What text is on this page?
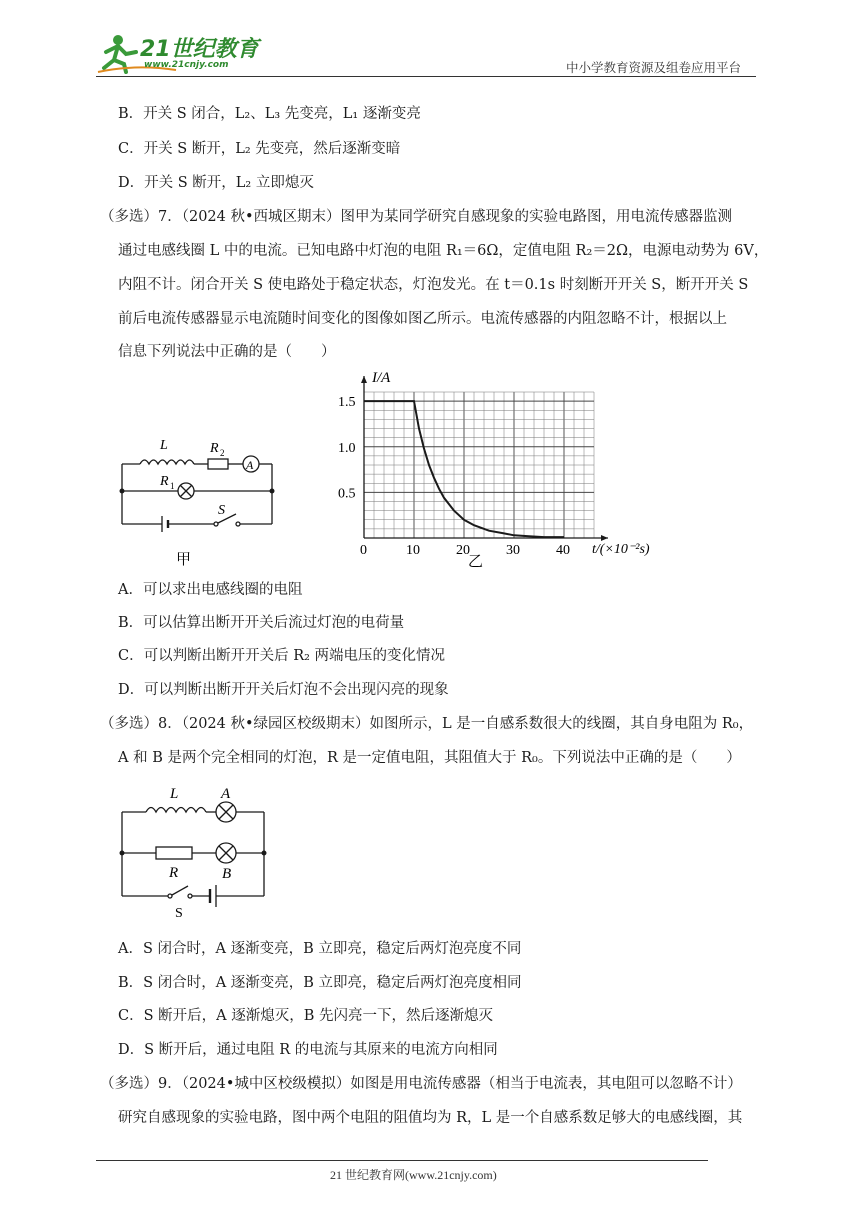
21世纪教育
www.21cnjy.com	中小学教育资源及组卷应用平台
B．开关 S 闭合，L₂、L₃ 先变亮，L₁ 逐渐变亮
C．开关 S 断开，L₂ 先变亮，然后逐渐变暗
D．开关 S 断开，L₂ 立即熄灭
（多选）7．（2024 秋•西城区期末）图甲为某同学研究自感现象的实验电路图，用电流传感器监测
通过电感线圈 L 中的电流。已知电路中灯泡的电阻 R₁＝6Ω，定值电阻 R₂＝2Ω，电源电动势为 6V，
内阻不计。闭合开关 S 使电路处于稳定状态，灯泡发光。在 t＝0.1s 时刻断开开关 S，断开开关 S
前后电流传感器显示电流随时间变化的图像如图乙所示。电流传感器的内阻忽略不计，根据以上
信息下列说法中正确的是（　　）
L	R 2
A
R 1
S
甲
0	10	20	30	40
0.5
1.0
1.5
I/A
t/(×10⁻²s)
乙
A．可以求出电感线圈的电阻
B．可以估算出断开开关后流过灯泡的电荷量
C．可以判断出断开开关后 R₂ 两端电压的变化情况
D．可以判断出断开开关后灯泡不会出现闪亮的现象
（多选）8．（2024 秋•绿园区校级期末）如图所示，L 是一自感系数很大的线圈，其自身电阻为 R₀，
A 和 B 是两个完全相同的灯泡，R 是一定值电阻，其阻值大于 R₀。下列说法中正确的是（　　）
L	A
R	B
S
A．S 闭合时，A 逐渐变亮，B 立即亮，稳定后两灯泡亮度不同
B．S 闭合时，A 逐渐变亮，B 立即亮，稳定后两灯泡亮度相同
C．S 断开后，A 逐渐熄灭，B 先闪亮一下，然后逐渐熄灭
D．S 断开后，通过电阻 R 的电流与其原来的电流方向相同
（多选）9．（2024•城中区校级模拟）如图是用电流传感器（相当于电流表，其电阻可以忽略不计）
研究自感现象的实验电路，图中两个电阻的阻值均为 R，L 是一个自感系数足够大的电感线圈，其
21 世纪教育网(www.21cnjy.com)
